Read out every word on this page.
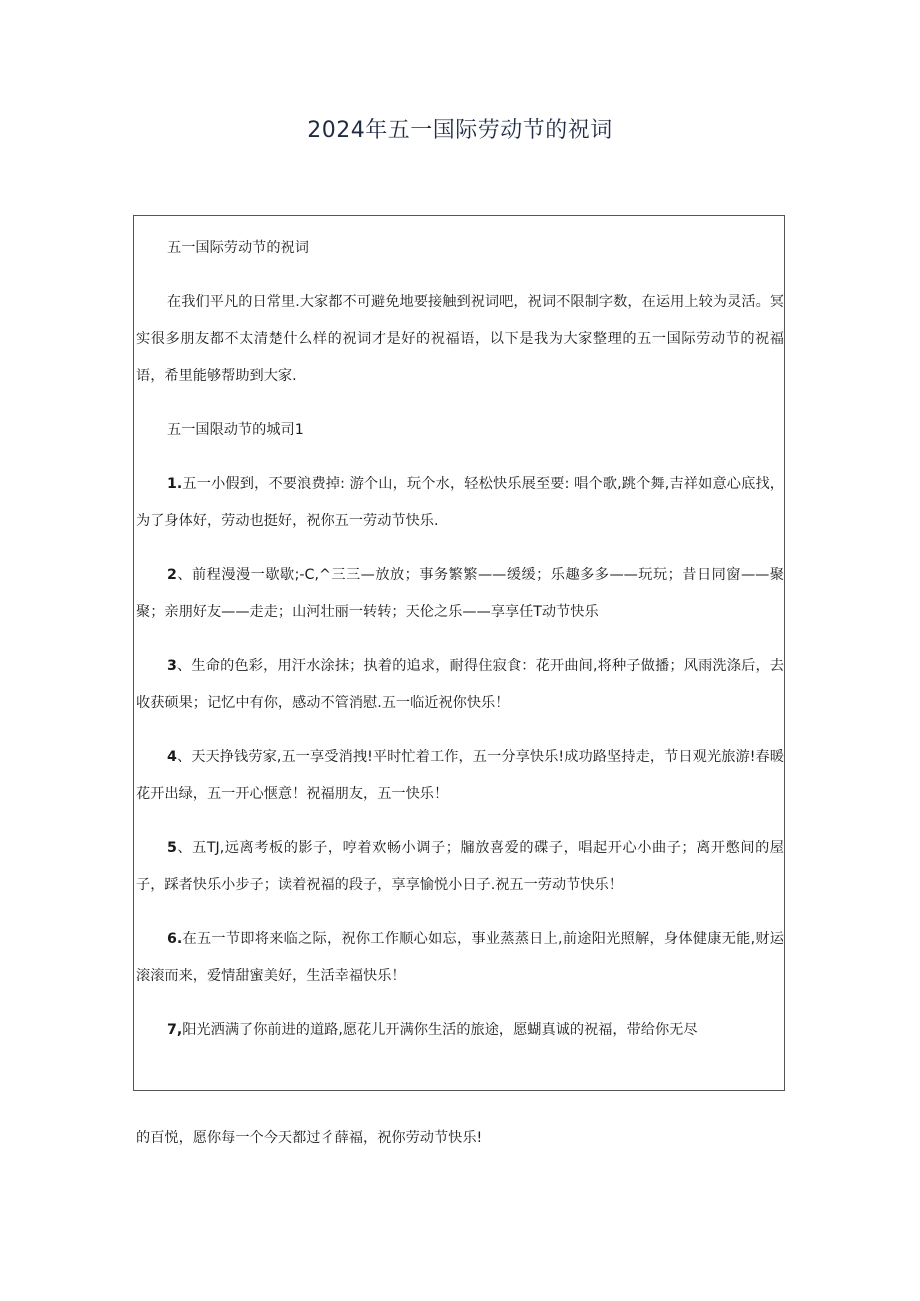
2024年五一国际劳动节的祝词

五一国际劳动节的祝词

在我们平凡的日常里.大家都不可避免地要接触到祝词吧，祝词不限制字数，在运用上较为灵活。冥实很多朋友都不太清楚什么样的祝词才是好的祝福语，以下是我为大家整理的五一国际劳动节的祝福语，希里能够帮助到大家.

五一国限动节的城司1

1.五一小假到，不要浪费掉: 游个山，玩个水，轻松快乐展至要: 唱个歌,跳个舞,吉祥如意心底找，为了身体好，劳动也挺好，祝你五一劳动节快乐.

2、前程漫漫一歇歇;-C,^三三—放放；事务繁繁——缓缓；乐趣多多——玩玩；昔日同窗——聚聚；亲朋好友——走走；山河壮丽一转转；天伦之乐——享享任T动节快乐

3、生命的色彩，用汗水涂抹；执着的追求，耐得住寂食：花开曲间,将种子做播；风雨洗涤后，去收获硕果；记忆中有你，感动不管消慰.五一临近祝你快乐！

4、天天挣钱劳家,五一享受消拽!平时忙着工作，五一分享快乐!成功路坚持走，节日观光旅游!春暖花开出绿，五一开心惬意！祝福朋友，五一快乐！

5、五TJ,远离考板的影子，哼着欢畅小调子；牖放喜爱的碟子，唱起开心小曲子；离开憋间的屋子，踩者快乐小步子；读着祝福的段子，享享愉悦小日子.祝五一劳动节快乐！

6.在五一节即将来临之际，祝你工作顺心如忘，事业蒸蒸日上,前途阳光照解，身体健康无能,财运滚滚而来，爱情甜蜜美好，生活幸福快乐！

7,阳光洒满了你前进的道路,愿花儿开满你生活的旅途，愿蝴真诚的祝福，带给你无尽

的百悦，愿你每一个今天都过彳薛福，祝你劳动节快乐!
